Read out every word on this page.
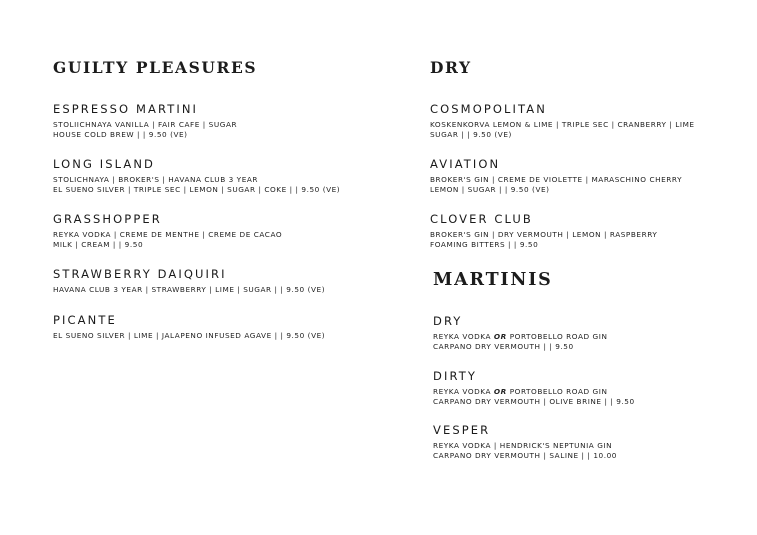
GUILTY PLEASURES
ESPRESSO MARTINI
STOLIICHNAYA VANILLA | FAIR CAFE | SUGAR
HOUSE COLD BREW | | 9.50 (VE)
LONG ISLAND
STOLICHNAYA | BROKER'S | HAVANA CLUB 3 YEAR
EL SUENO SILVER | TRIPLE SEC | LEMON | SUGAR | COKE | | 9.50 (VE)
GRASSHOPPER
REYKA VODKA | CREME DE MENTHE | CREME DE CACAO
MILK | CREAM | | 9.50
STRAWBERRY DAIQUIRI
HAVANA CLUB 3 YEAR | STRAWBERRY | LIME | SUGAR | | 9.50 (VE)
PICANTE
EL SUENO SILVER | LIME | JALAPENO INFUSED AGAVE | | 9.50 (VE)
DRY
COSMOPOLITAN
KOSKENKORVA LEMON & LIME | TRIPLE SEC | CRANBERRY | LIME
SUGAR | | 9.50 (VE)
AVIATION
BROKER'S GIN | CREME DE VIOLETTE | MARASCHINO CHERRY
LEMON | SUGAR | | 9.50 (VE)
CLOVER CLUB
BROKER'S GIN | DRY VERMOUTH | LEMON | RASPBERRY
FOAMING BITTERS | | 9.50
MARTINIS
DRY
REYKA VODKA OR PORTOBELLO ROAD GIN
CARPANO DRY VERMOUTH | | 9.50
DIRTY
REYKA VODKA OR PORTOBELLO ROAD GIN
CARPANO DRY VERMOUTH | OLIVE BRINE | | 9.50
VESPER
REYKA VODKA | HENDRICK'S NEPTUNIA GIN
CARPANO DRY VERMOUTH | SALINE | | 10.00
